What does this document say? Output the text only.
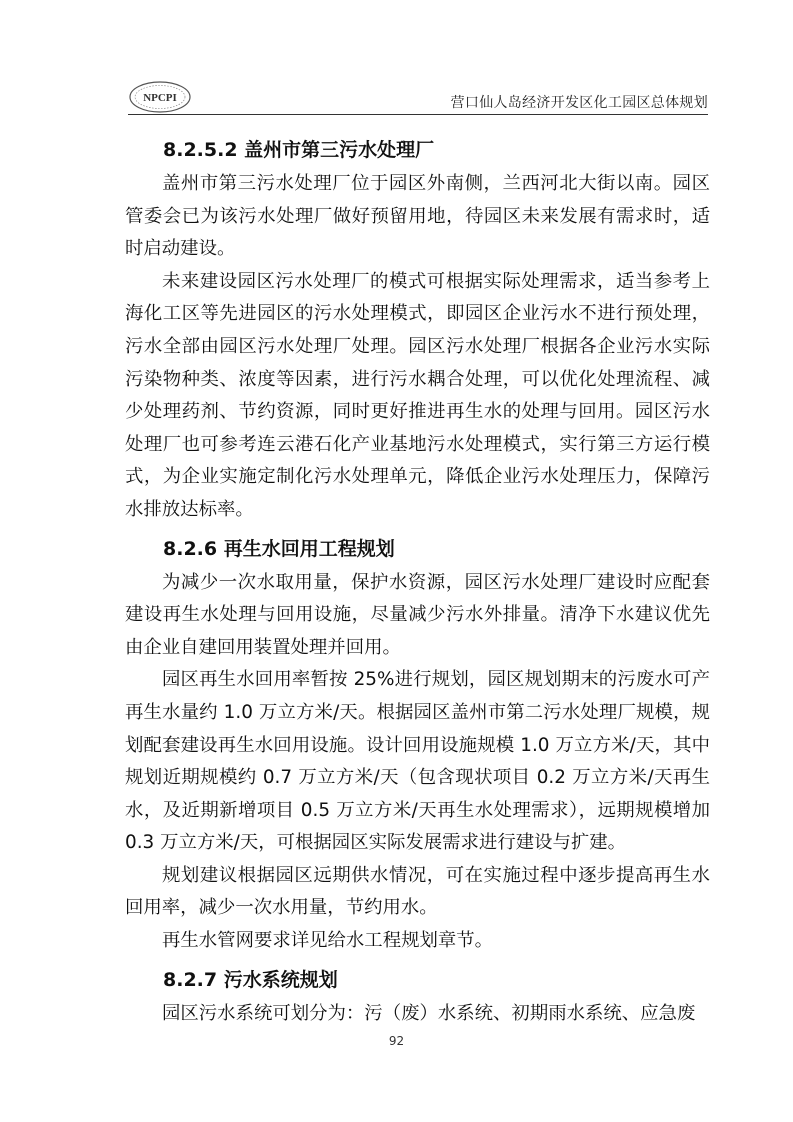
NPCPI	营口仙人岛经济开发区化工园区总体规划
8.2.5.2 盖州市第三污水处理厂

盖州市第三污水处理厂位于园区外南侧，兰西河北大街以南。园区管委会已为该污水处理厂做好预留用地，待园区未来发展有需求时，适时启动建设。

未来建设园区污水处理厂的模式可根据实际处理需求，适当参考上海化工区等先进园区的污水处理模式，即园区企业污水不进行预处理，污水全部由园区污水处理厂处理。园区污水处理厂根据各企业污水实际污染物种类、浓度等因素，进行污水耦合处理，可以优化处理流程、减少处理药剂、节约资源，同时更好推进再生水的处理与回用。园区污水处理厂也可参考连云港石化产业基地污水处理模式，实行第三方运行模式，为企业实施定制化污水处理单元，降低企业污水处理压力，保障污水排放达标率。

8.2.6 再生水回用工程规划

为减少一次水取用量，保护水资源，园区污水处理厂建设时应配套建设再生水处理与回用设施，尽量减少污水外排量。清净下水建议优先由企业自建回用装置处理并回用。

园区再生水回用率暂按 25%进行规划，园区规划期末的污废水可产再生水量约 1.0 万立方米/天。根据园区盖州市第二污水处理厂规模，规划配套建设再生水回用设施。设计回用设施规模 1.0 万立方米/天，其中规划近期规模约 0.7 万立方米/天（包含现状项目 0.2 万立方米/天再生水，及近期新增项目 0.5 万立方米/天再生水处理需求），远期规模增加 0.3 万立方米/天，可根据园区实际发展需求进行建设与扩建。

规划建议根据园区远期供水情况，可在实施过程中逐步提高再生水回用率，减少一次水用量，节约用水。

再生水管网要求详见给水工程规划章节。

8.2.7 污水系统规划

园区污水系统可划分为：污（废）水系统、初期雨水系统、应急废

92
